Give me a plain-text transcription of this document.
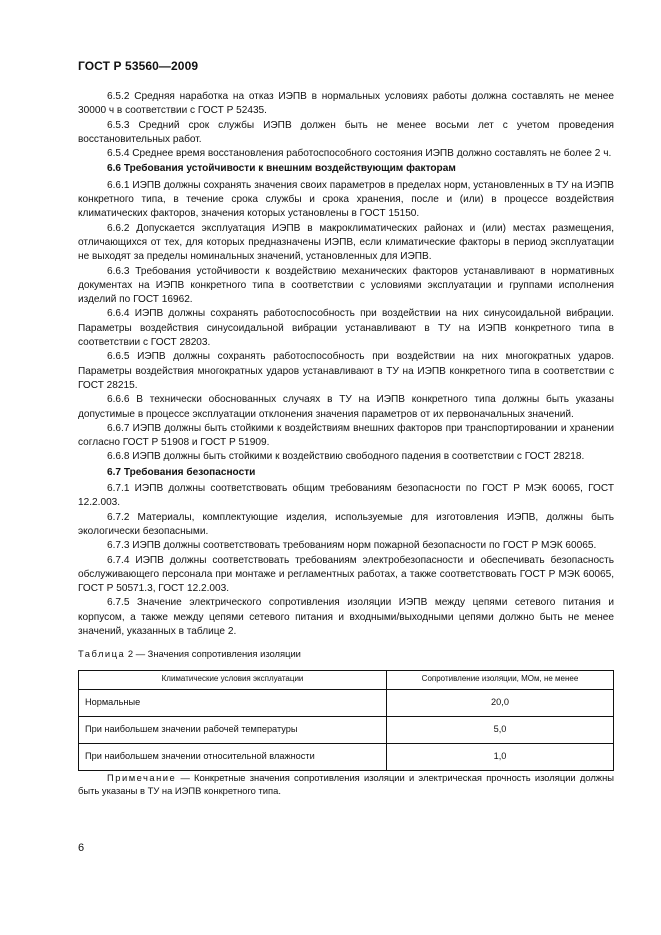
ГОСТ Р 53560—2009

6.5.2 Средняя наработка на отказ ИЭПВ в нормальных условиях работы должна составлять не менее 30000 ч в соответствии с ГОСТ Р 52435.

6.5.3 Средний срок службы ИЭПВ должен быть не менее восьми лет с учетом проведения восстановительных работ.

6.5.4 Среднее время восстановления работоспособного состояния ИЭПВ должно составлять не более 2 ч.

6.6 Требования устойчивости к внешним воздействующим факторам

6.6.1 ИЭПВ должны сохранять значения своих параметров в пределах норм, установленных в ТУ на ИЭПВ конкретного типа, в течение срока службы и срока хранения, после и (или) в процессе воздействия климатических факторов, значения которых установлены в ГОСТ 15150.

6.6.2 Допускается эксплуатация ИЭПВ в макроклиматических районах и (или) местах размещения, отличающихся от тех, для которых предназначены ИЭПВ, если климатические факторы в период эксплуатации не выходят за пределы номинальных значений, установленных для ИЭПВ.

6.6.3 Требования устойчивости к воздействию механических факторов устанавливают в нормативных документах на ИЭПВ конкретного типа в соответствии с условиями эксплуатации и группами исполнения изделий по ГОСТ 16962.

6.6.4 ИЭПВ должны сохранять работоспособность при воздействии на них синусоидальной вибрации. Параметры воздействия синусоидальной вибрации устанавливают в ТУ на ИЭПВ конкретного типа в соответствии с ГОСТ 28203.

6.6.5 ИЭПВ должны сохранять работоспособность при воздействии на них многократных ударов. Параметры воздействия многократных ударов устанавливают в ТУ на ИЭПВ конкретного типа в соответствии с ГОСТ 28215.

6.6.6 В технически обоснованных случаях в ТУ на ИЭПВ конкретного типа должны быть указаны допустимые в процессе эксплуатации отклонения значения параметров от их первоначальных значений.

6.6.7 ИЭПВ должны быть стойкими к воздействиям внешних факторов при транспортировании и хранении согласно ГОСТ Р 51908 и ГОСТ Р 51909.

6.6.8 ИЭПВ должны быть стойкими к воздействию свободного падения в соответствии с ГОСТ 28218.

6.7 Требования безопасности

6.7.1 ИЭПВ должны соответствовать общим требованиям безопасности по ГОСТ Р МЭК 60065, ГОСТ 12.2.003.

6.7.2 Материалы, комплектующие изделия, используемые для изготовления ИЭПВ, должны быть экологически безопасными.

6.7.3 ИЭПВ должны соответствовать требованиям норм пожарной безопасности по ГОСТ Р МЭК 60065.

6.7.4 ИЭПВ должны соответствовать требованиям электробезопасности и обеспечивать безопасность обслуживающего персонала при монтаже и регламентных работах, а также соответствовать ГОСТ Р МЭК 60065, ГОСТ Р 50571.3, ГОСТ 12.2.003.

6.7.5 Значение электрического сопротивления изоляции ИЭПВ между цепями сетевого питания и корпусом, а также между цепями сетевого питания и входными/выходными цепями должно быть не менее значений, указанных в таблице 2.

Таблица 2 — Значения сопротивления изоляции

Климатические условия эксплуатации	Сопротивление изоляции, МОм, не менее
Нормальные	20,0
При наибольшем значении рабочей температуры	5,0
При наибольшем значении относительной влажности	1,0

Примечание — Конкретные значения сопротивления изоляции и электрическая прочность изоляции должны быть указаны в ТУ на ИЭПВ конкретного типа.

6
